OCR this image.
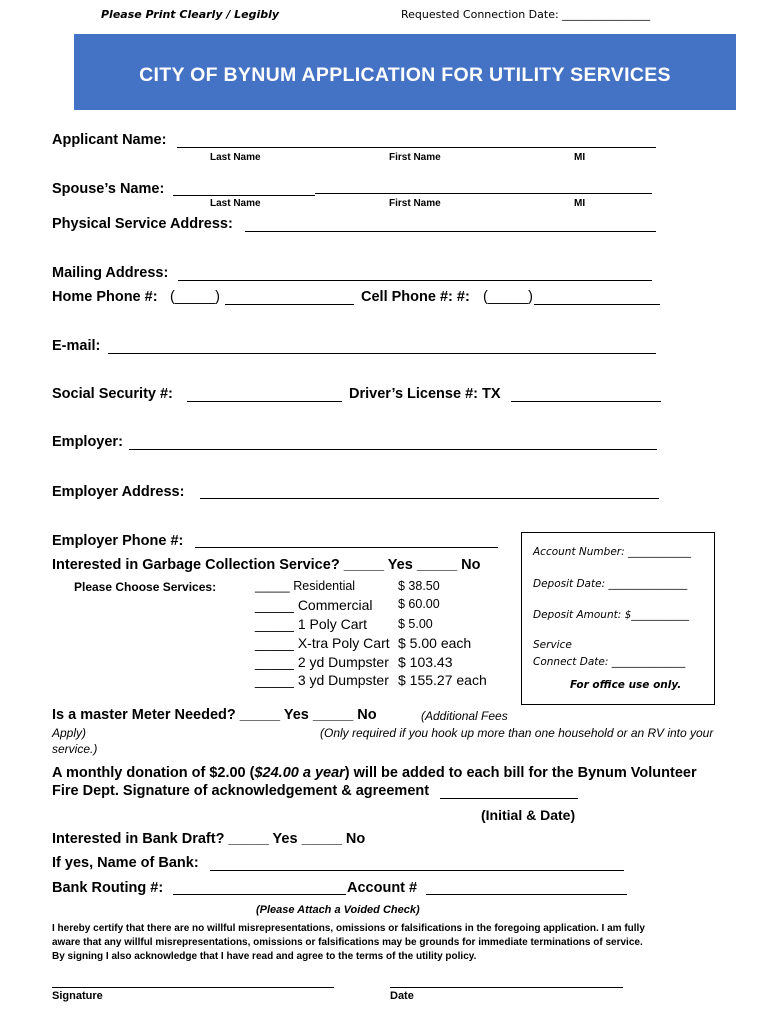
Please Print Clearly / Legibly	Requested Connection Date: ________________
CITY OF BYNUM APPLICATION FOR UTILITY SERVICES
Applicant Name:
Last Name	First Name	MI
Spouse’s Name:
Last Name	First Name	MI
Physical Service Address:
Mailing Address:
Home Phone #: (_____)	Cell Phone #: #: (_____)
E-mail:
Social Security #:	Driver’s License #: TX
Employer:
Employer Address:
Employer Phone #:
Interested in Garbage Collection Service? _____ Yes _____ No
Please Choose Services:	_____ Residential	$ 38.50
_____ Commercial $ 60.00
_____ 1 Poly Cart $ 5.00
_____ X-tra Poly Cart $ 5.00 each
_____ 2 yd Dumpster $ 103.43
_____ 3 yd Dumpster $ 155.27 each
Account Number: ____________
Deposit Date: _______________
Deposit Amount: $___________
Service
Connect Date: ______________
For office use only.
Is a master Meter Needed? _____ Yes _____ No	(Additional Fees
Apply)	(Only required if you hook up more than one household or an RV into your
service.)
A monthly donation of $2.00 ($24.00 a year) will be added to each bill for the Bynum Volunteer
Fire Dept. Signature of acknowledgement & agreement
(Initial & Date)
Interested in Bank Draft? _____ Yes _____ No
If yes, Name of Bank:
Bank Routing #:	Account #
(Please Attach a Voided Check)
I hereby certify that there are no willful misrepresentations, omissions or falsifications in the foregoing application. I am fully
aware that any willful misrepresentations, omissions or falsifications may be grounds for immediate terminations of service.
By signing I also acknowledge that I have read and agree to the terms of the utility policy.
Signature	Date
